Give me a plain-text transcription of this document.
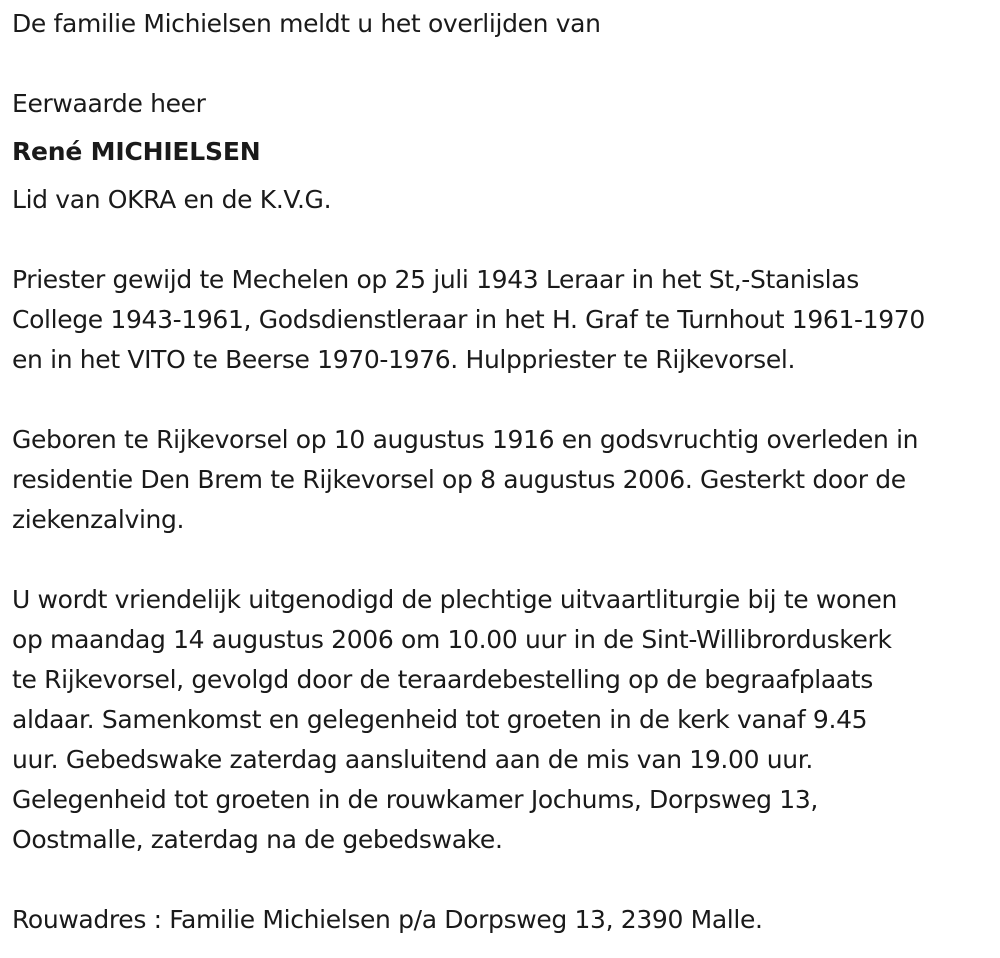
De familie Michielsen meldt u het overlijden van

Eerwaarde heer

René MICHIELSEN

Lid van OKRA en de K.V.G.

Priester gewijd te Mechelen op 25 juli 1943 Leraar in het St,-Stanislas

College 1943-1961, Godsdienstleraar in het H. Graf te Turnhout 1961-1970

en in het VITO te Beerse 1970-1976. Hulppriester te Rijkevorsel.

Geboren te Rijkevorsel op 10 augustus 1916 en godsvruchtig overleden in

residentie Den Brem te Rijkevorsel op 8 augustus 2006. Gesterkt door de

ziekenzalving.

U wordt vriendelijk uitgenodigd de plechtige uitvaartliturgie bij te wonen

op maandag 14 augustus 2006 om 10.00 uur in de Sint-Willibrorduskerk

te Rijkevorsel, gevolgd door de teraardebestelling op de begraafplaats

aldaar. Samenkomst en gelegenheid tot groeten in de kerk vanaf 9.45

uur. Gebedswake zaterdag aansluitend aan de mis van 19.00 uur.

Gelegenheid tot groeten in de rouwkamer Jochums, Dorpsweg 13,

Oostmalle, zaterdag na de gebedswake.

Rouwadres : Familie Michielsen p/a Dorpsweg 13, 2390 Malle.
